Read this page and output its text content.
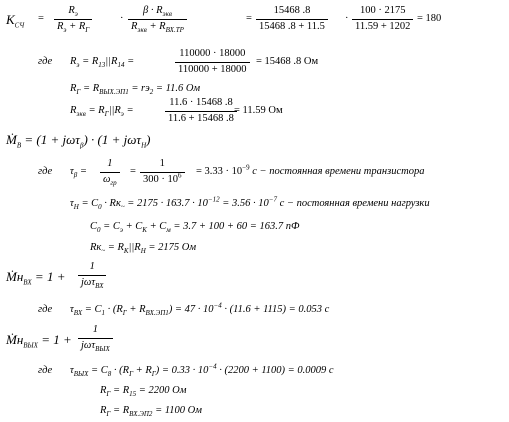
$K_{CЧ}$
=
$R_э$
$R_э + R_Г$
·
$\beta \cdot R_{экв}$
$R_{экв} + R_{ВХ.ТР}$
= $\frac{15468 .8}{15468 .8 + 11.5} \cdot \frac{100 \cdot 2175}{11.59 + 1202} = 180$
где $R_э = R_{13}||R_{14}$ =	$\frac{110000 \cdot 18000}{110000 + 18000} = 15468$ .8 Ом
$R_Г = R_{ВЫХ.ЭП1} = rэ_2 = 11.6$ Ом
$R_{экв} = R_Г||R_э$ =	$\frac{11.6 \cdot 15468 .8}{11.6 + 15468 .8}$
= 11.59 Ом
Ṁ$_В$ = (1 + jωτ$_\beta$) · (1 + jωτ$_Н$)
где $\tau_\beta$ =
1
$\omega_{гр}$
= $\frac{1}{300 \cdot 10^6} = 3.33 \cdot 10^{-9}$ c − постоянная времени транзистора
$\tau_Н = C_0 \cdot Rк_\sim = 2175 \cdot 163.7 \cdot 10^{-12} = 3.56 \cdot 10^{-7}$ c − постоянная времени нагрузки
$C_0 = C_э + C_К + C_м = 3.7 + 100 + 60 = 163.7$ пФ
$Rк_\sim = R_К||R_Н = 2175$ Ом
Ṁн$_{ВХ}$ = 1 +
1
jωτ$_{ВХ}$
где $\tau_{ВХ} = C_1 \cdot (R_Г + R_{ВХ.ЭП1}) = 47 \cdot 10^{-4} \cdot (11.6 + 1115) = 0.053$ c
Ṁн$_{ВЫХ}$ = 1 +
1
jωτ$_{ВЫХ}$
где $\tau_{ВЫХ} = C_8 \cdot (R_Г + R_Г) = 0.33 \cdot 10^{-4} \cdot (2200 + 1100) = 0.0009$ c
$R_Г = R_{15} = 2200$ Ом
$R_Г = R_{ВХ.ЭП2} = 1100$ Ом
